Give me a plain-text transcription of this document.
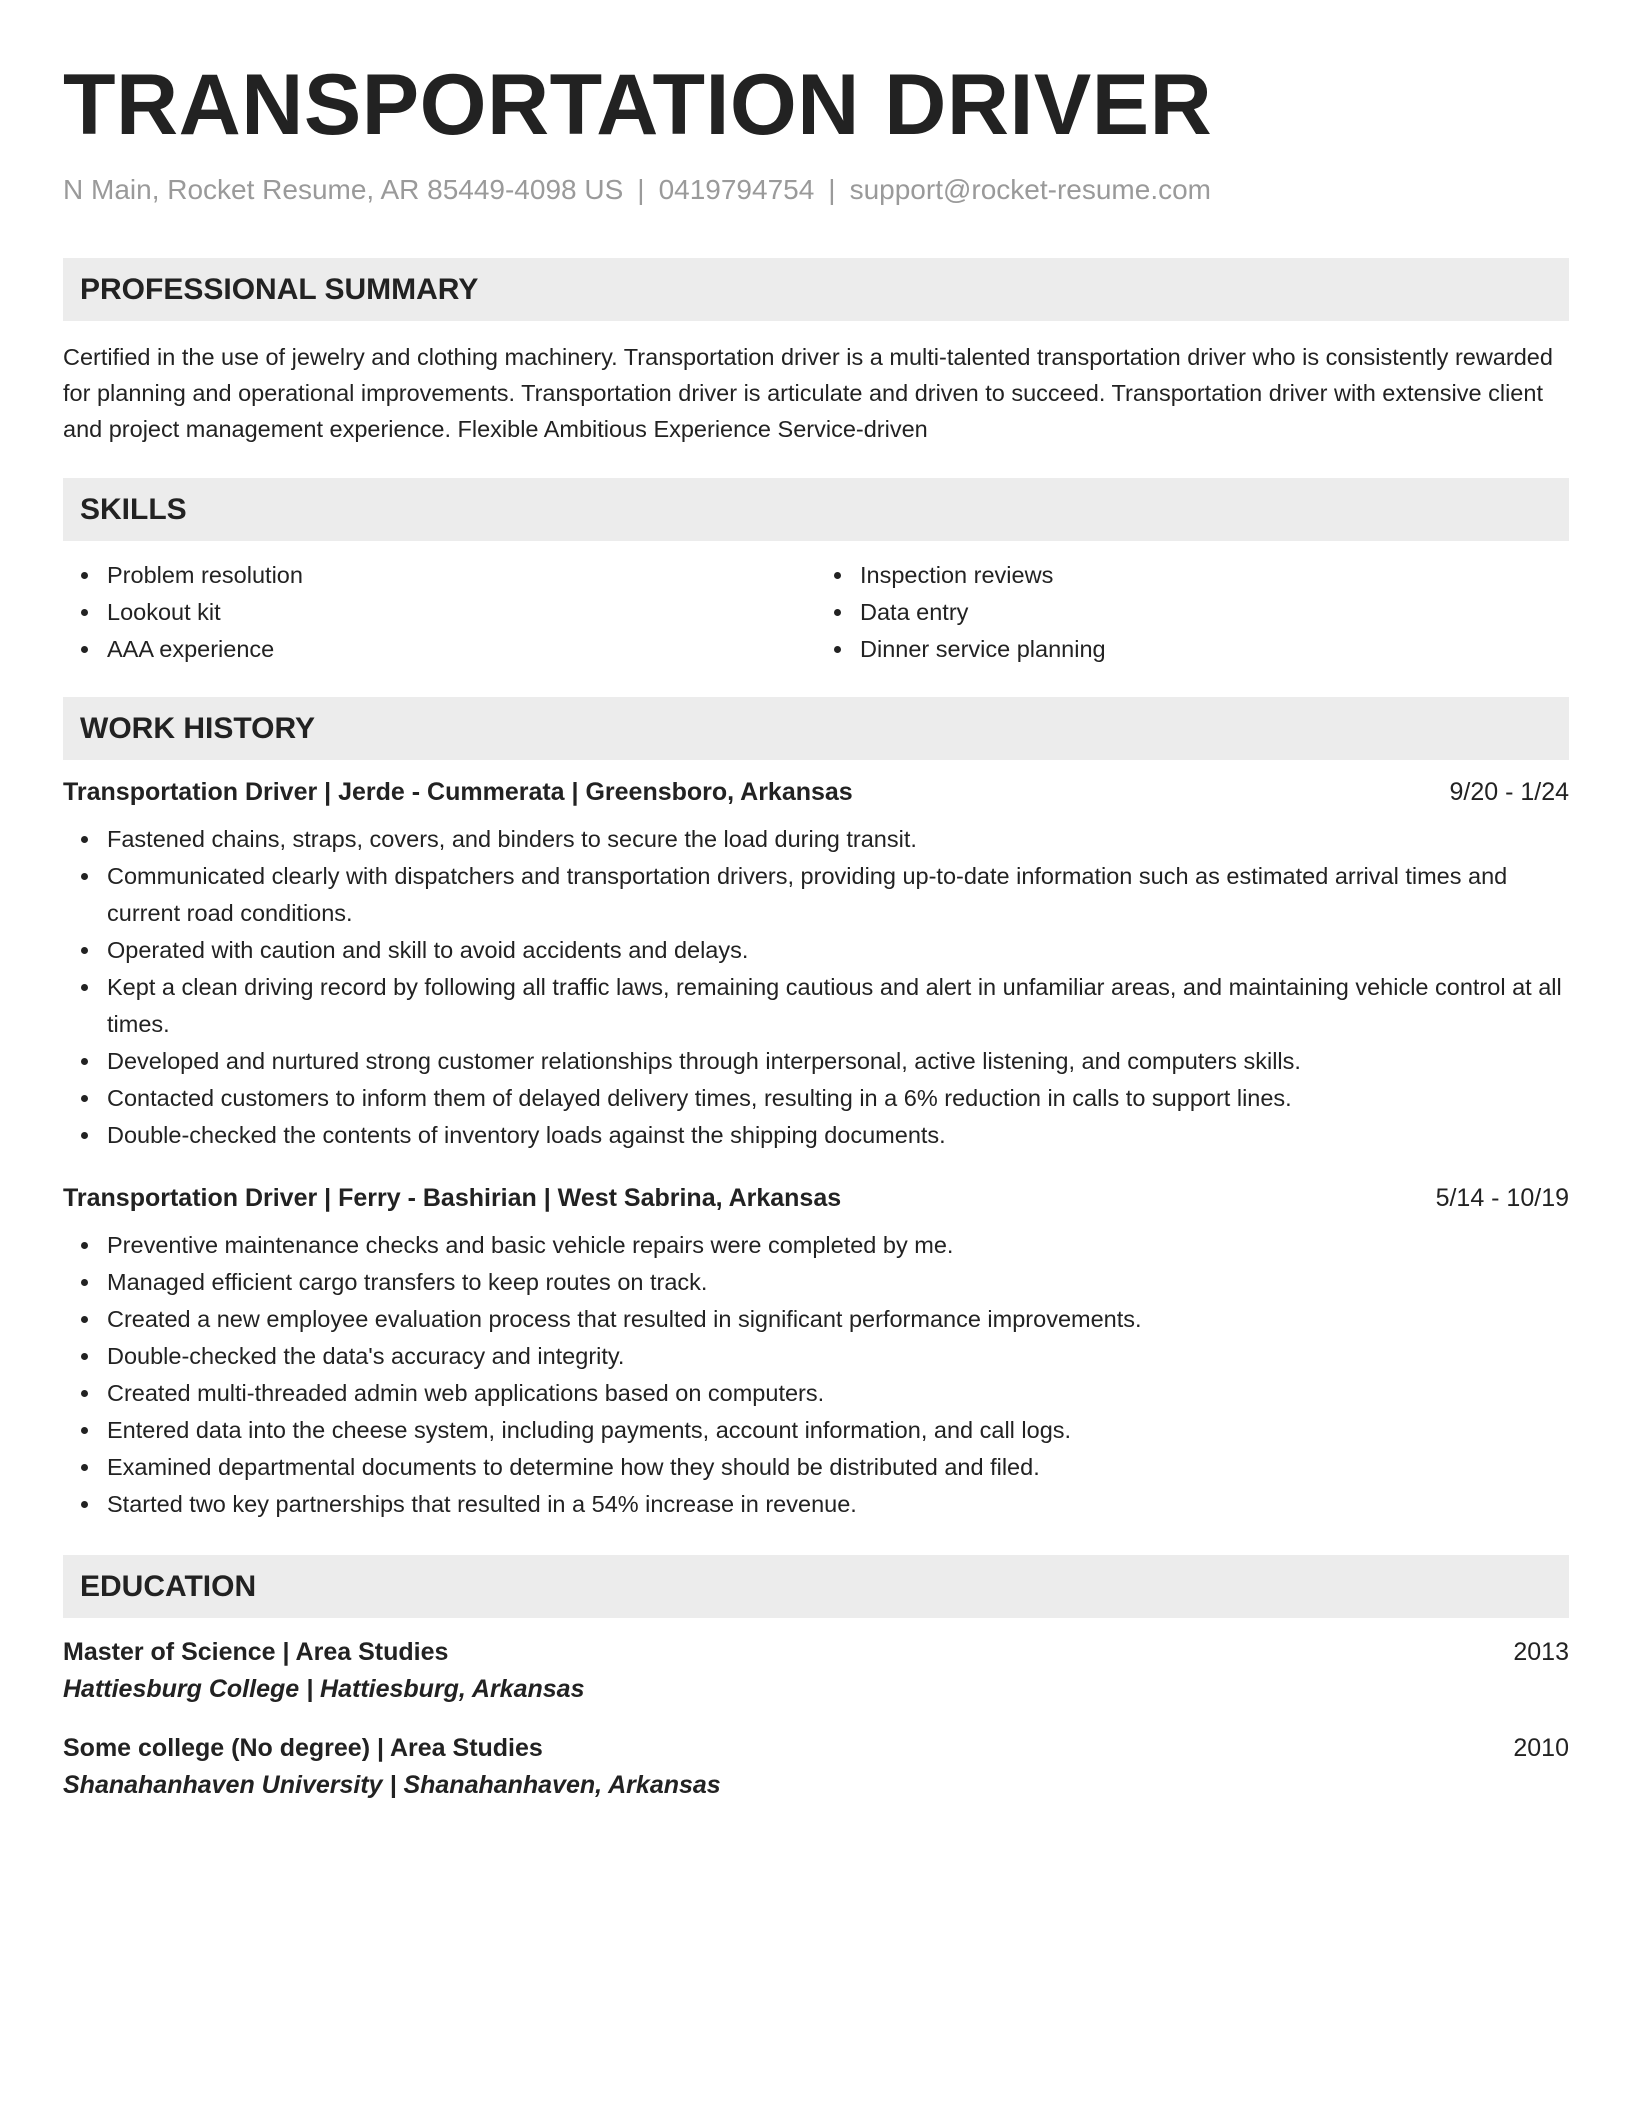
TRANSPORTATION DRIVER
N Main, Rocket Resume, AR 85449-4098 US | 0419794754 | support@rocket-resume.com
PROFESSIONAL SUMMARY

Certified in the use of jewelry and clothing machinery. Transportation driver is a multi-talented transportation driver who is consistently rewarded for planning and operational improvements. Transportation driver is articulate and driven to succeed. Transportation driver with extensive client and project management experience. Flexible Ambitious Experience Service-driven

SKILLS
Problem resolution
Lookout kit
AAA experience
Inspection reviews
Data entry
Dinner service planning
WORK HISTORY
Transportation Driver | Jerde - Cummerata | Greensboro, Arkansas	9/20 - 1/24
Fastened chains, straps, covers, and binders to secure the load during transit.
Communicated clearly with dispatchers and transportation drivers, providing up-to-date information such as estimated arrival times and current road conditions.
Operated with caution and skill to avoid accidents and delays.
Kept a clean driving record by following all traffic laws, remaining cautious and alert in unfamiliar areas, and maintaining vehicle control at all times.
Developed and nurtured strong customer relationships through interpersonal, active listening, and computers skills.
Contacted customers to inform them of delayed delivery times, resulting in a 6% reduction in calls to support lines.
Double-checked the contents of inventory loads against the shipping documents.
Transportation Driver | Ferry - Bashirian | West Sabrina, Arkansas	5/14 - 10/19
Preventive maintenance checks and basic vehicle repairs were completed by me.
Managed efficient cargo transfers to keep routes on track.
Created a new employee evaluation process that resulted in significant performance improvements.
Double-checked the data's accuracy and integrity.
Created multi-threaded admin web applications based on computers.
Entered data into the cheese system, including payments, account information, and call logs.
Examined departmental documents to determine how they should be distributed and filed.
Started two key partnerships that resulted in a 54% increase in revenue.
EDUCATION
Master of Science | Area Studies	2013
Hattiesburg College | Hattiesburg, Arkansas
Some college (No degree) | Area Studies	2010
Shanahanhaven University | Shanahanhaven, Arkansas
